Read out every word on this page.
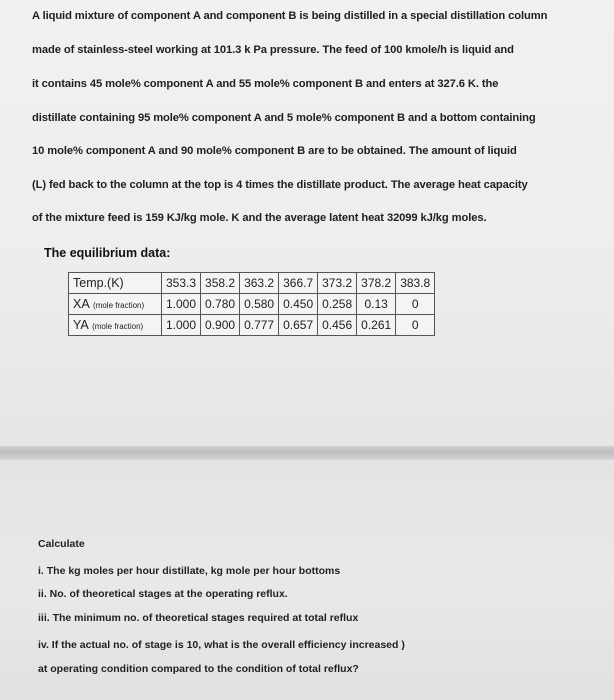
A liquid mixture of component A and component B is being distilled in a special distillation column
made of stainless-steel working at 101.3 k Pa pressure. The feed of 100 kmole/h is liquid and
it contains 45 mole% component A and 55 mole% component B and enters at 327.6 K. the
distillate containing 95 mole% component A and 5 mole% component B and a bottom containing
10 mole% component A and 90 mole% component B are to be obtained. The amount of liquid
(L) fed back to the column at the top is 4 times the distillate product. The average heat capacity
of the mixture feed is 159 KJ/kg mole. K and the average latent heat 32099 kJ/kg moles.
The equilibrium data:
Temp.(K)	353.3	358.2	363.2	366.7	373.2	378.2	383.8
XA (mole fraction)	1.000	0.780	0.580	0.450	0.258	0.13	0
YA (mole fraction)	1.000	0.900	0.777	0.657	0.456	0.261	0
Calculate
i. The kg moles per hour distillate, kg mole per hour bottoms
ii. No. of theoretical stages at the operating reflux.
iii. The minimum no. of theoretical stages required at total reflux
iv. If the actual no. of stage is 10, what is the overall efficiency increased )
at operating condition compared to the condition of total reflux?
